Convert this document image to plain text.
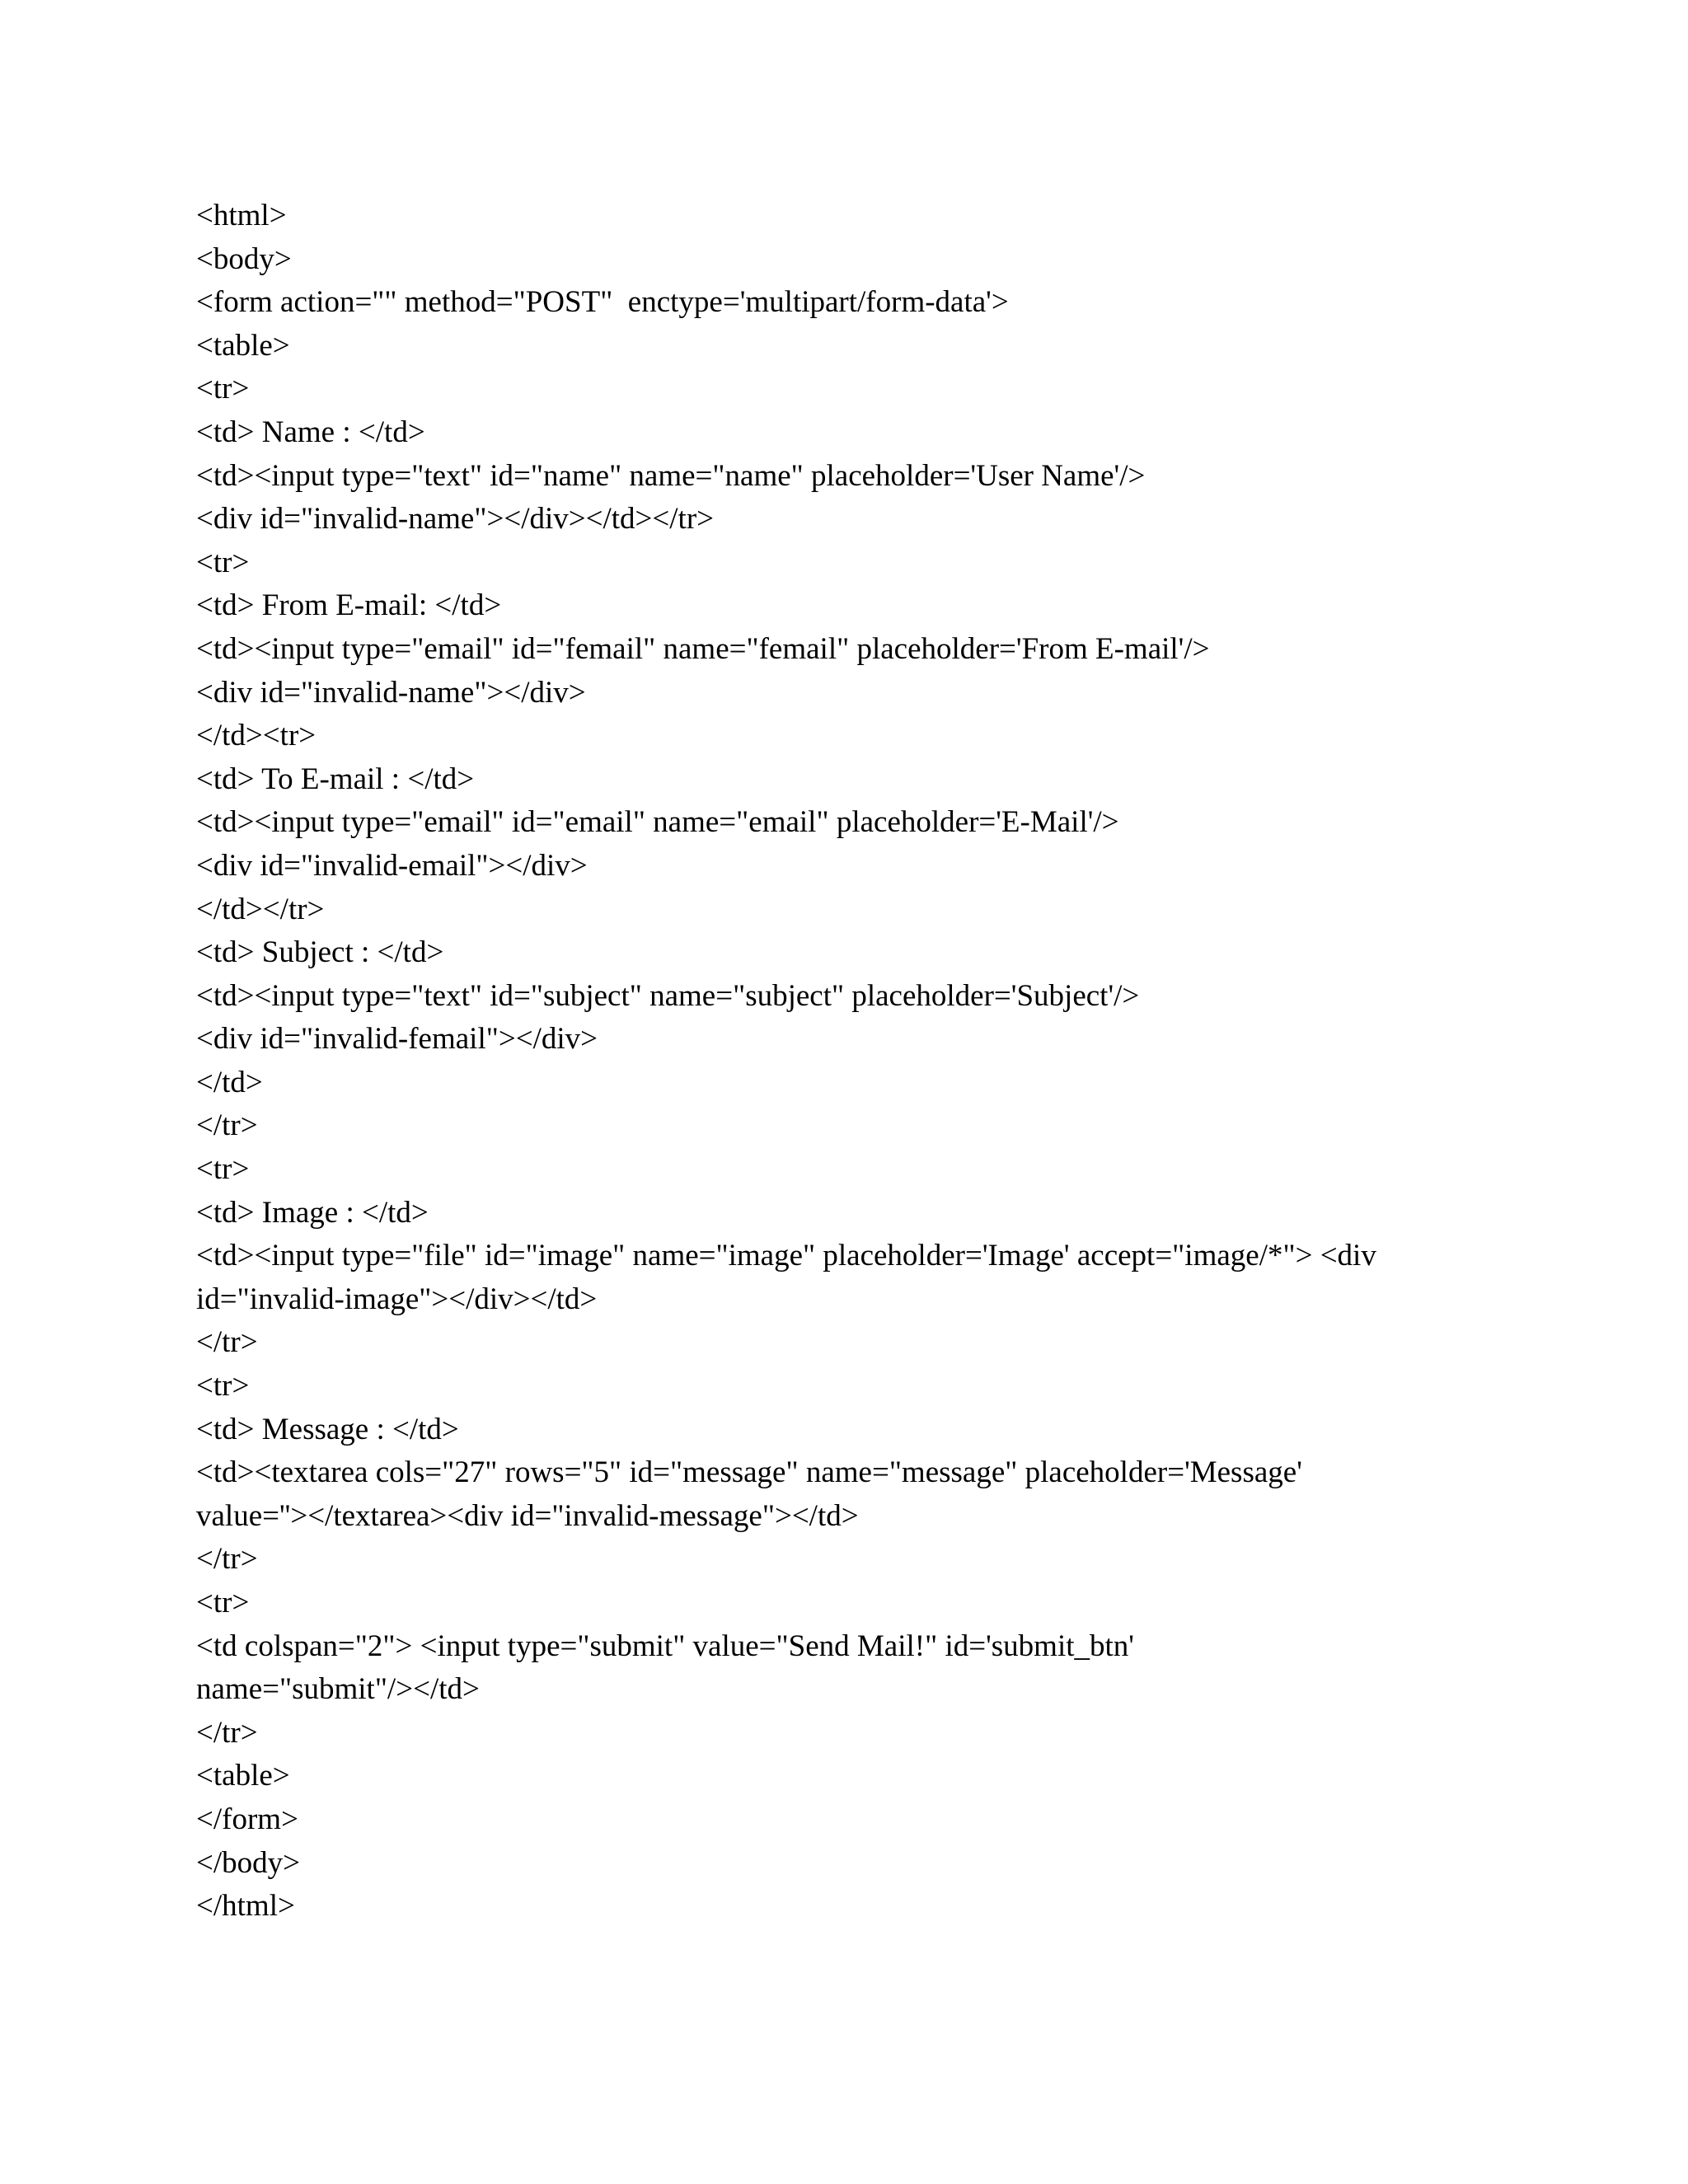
<html>

<body>

<form action="" method="POST"  enctype='multipart/form-data'>

<table>

<tr>

<td> Name : </td>

<td><input type="text" id="name" name="name" placeholder='User Name'/>

<div id="invalid-name"></div></td></tr>

<tr>

<td> From E-mail: </td>

<td><input type="email" id="femail" name="femail" placeholder='From E-mail'/>

<div id="invalid-name"></div>

</td><tr>

<td> To E-mail : </td>

<td><input type="email" id="email" name="email" placeholder='E-Mail'/>

<div id="invalid-email"></div>

</td></tr>

<td> Subject : </td>

<td><input type="text" id="subject" name="subject" placeholder='Subject'/>

<div id="invalid-femail"></div>

</td>

</tr>

<tr>

<td> Image : </td>

<td><input type="file" id="image" name="image" placeholder='Image' accept="image/*"> <div

id="invalid-image"></div></td>

</tr>

<tr>

<td> Message : </td>

<td><textarea cols="27" rows="5" id="message" name="message" placeholder='Message'

value=''></textarea><div id="invalid-message"></td>

</tr>

<tr>

<td colspan="2"> <input type="submit" value="Send Mail!" id='submit_btn'

name="submit"/></td>

</tr>

<table>

</form>

</body>

</html>
